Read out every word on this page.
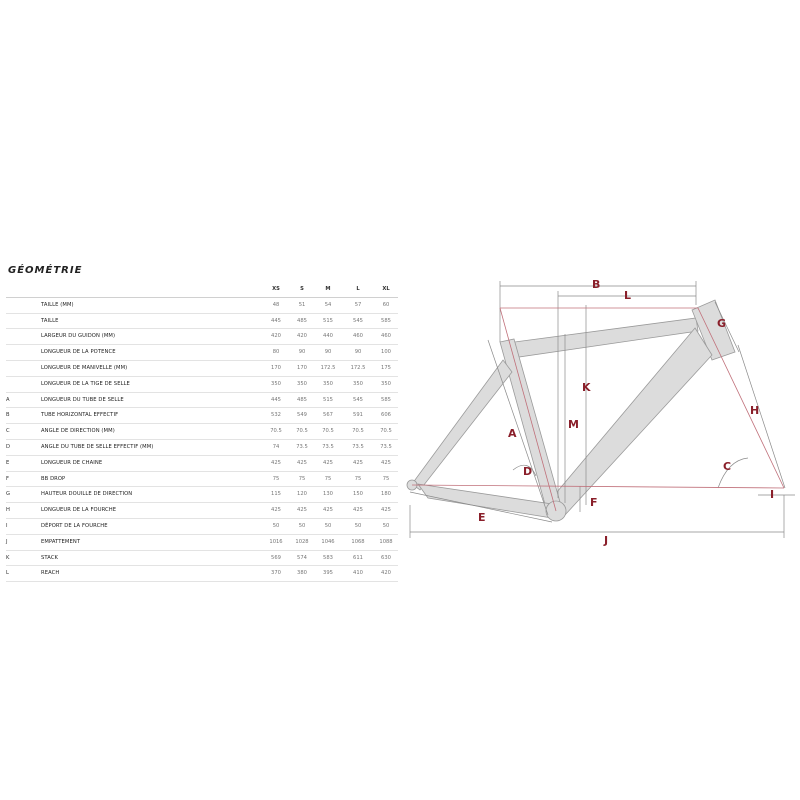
GÉOMÉTRIE
XS	S	M	L	XL
TAILLE (MM)	48	51	54	57	60
TAILLE	445	485	515	545	585
LARGEUR DU GUIDON (MM)	420	420	440	460	460
LONGUEUR DE LA POTENCE	80	90	90	90	100
LONGUEUR DE MANIVELLE (MM)	170	170	172.5	172.5	175
LONGUEUR DE LA TIGE DE SELLE	350	350	350	350	350
A	LONGUEUR DU TUBE DE SELLE	445	485	515	545	585
B	TUBE HORIZONTAL EFFECTIF	532	549	567	591	606
C	ANGLE DE DIRECTION (MM)	70.5	70.5	70.5	70.5	70.5
D	ANGLE DU TUBE DE SELLE EFFECTIF (MM)	74	73.5	73.5	73.5	73.5
E	LONGUEUR DE CHAINE	425	425	425	425	425
F	BB DROP	75	75	75	75	75
G	HAUTEUR DOUILLE DE DIRECTION	115	120	130	150	180
H	LONGUEUR DE LA FOURCHE	425	425	425	425	425
I	DÉPORT DE LA FOURCHE	50	50	50	50	50
J	EMPATTEMENT	1016	1028	1046	1068	1088
K	STACK	569	574	583	611	630
L	REACH	370	380	395	410	420
B
L
G
H
K
M
A
D	C
F
E
I
J
